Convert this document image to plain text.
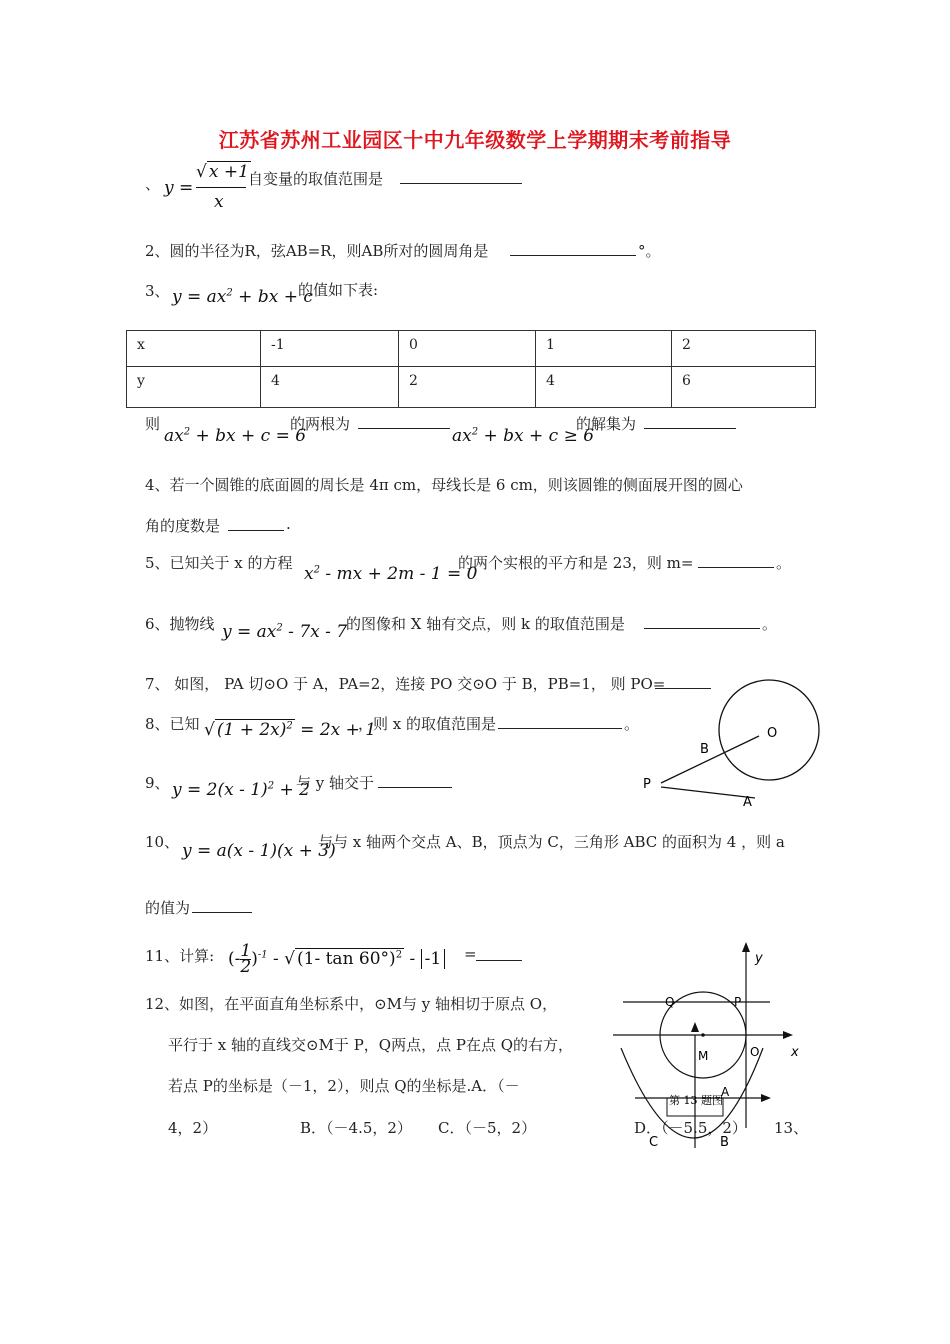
江苏省苏州工业园区十中九年级数学上学期期末考前指导
、 y =
√ x +1
x
自变量的取值范围是
2、圆的半径为R，弦AB=R，则AB所对的圆周角是	°。
3、 $y = ax^2$ + bx + c
的值如下表:
x	-1	0	1	2
y	4	2	4	6
则
$ax^2$ + bx + c = 6
的两根为
$ax^2$ + bx + c ≥ 6
的解集为
4、若一个圆锥的底面圆的周长是 4π cm，母线长是 6 cm，则该圆锥的侧面展开图的圆心
角的度数是	.
5、已知关于 x 的方程
$x^2$ - mx + 2m - 1 = 0
的两个实根的平方和是 23，则 m=	。
6、抛物线 $y = ax^2 - 7x - 7$
的图像和 X 轴有交点，则 k 的取值范围是	。
7、 如图， PA 切⊙O 于 A，PA=2，连接 PO 交⊙O 于 B，PB=1， 则 PO=
8、已知 √ $(1 + 2x)^2 = 2x + 1$
，则 x 的取值范围是	。
O
B
P
A
9、 y = 2(x - 1)$^2$ + 2
与 y 轴交于
10、 y = a(x - 1)(x + 3)
与与 x 轴两个交点 A、B，顶点为 C，三角形 ABC 的面积为 4 ，则 a
的值为
11、计算: (- $\frac{1}{2} )^{-1}$ - √ (1- tan 60°)$^2$ - -1 =
12、如图，在平面直角坐标系中，⊙M与 y 轴相切于原点 O，
平行于 x 轴的直线交⊙M于 P，Q两点，点 P在点 Q的右方，
若点 P的坐标是（－1，2），则点 Q的坐标是.A．（－
4，2）	B．（－4.5，2） C．（－5，2）	D．（－5.5，2） 13、
y
x
Q	P
O
M
第 13 题图
A
B
C
